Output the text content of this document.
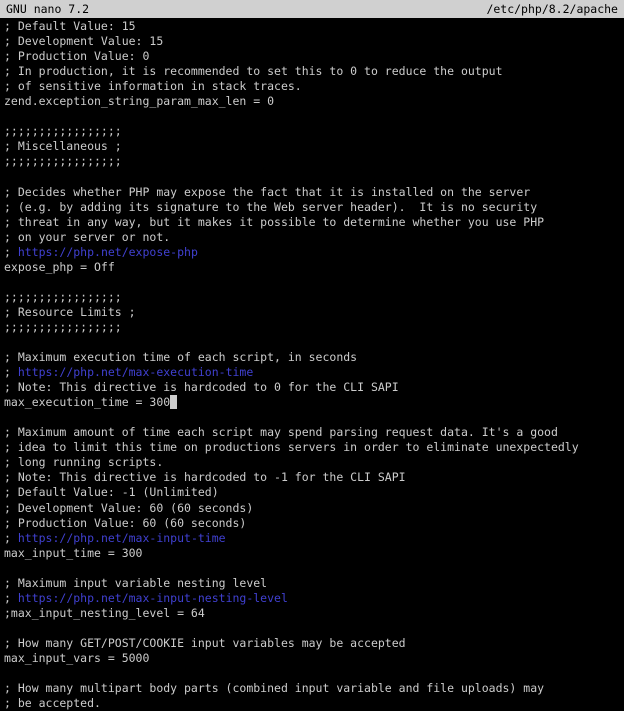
GNU nano 7.2	/etc/php/8.2/apache
; Default Value: 15
; Development Value: 15
; Production Value: 0
; In production, it is recommended to set this to 0 to reduce the output
; of sensitive information in stack traces.
zend.exception_string_param_max_len = 0

;;;;;;;;;;;;;;;;;
; Miscellaneous ;
;;;;;;;;;;;;;;;;;

; Decides whether PHP may expose the fact that it is installed on the server
; (e.g. by adding its signature to the Web server header).  It is no security
; threat in any way, but it makes it possible to determine whether you use PHP
; on your server or not.
; https://php.net/expose-php
expose_php = Off

;;;;;;;;;;;;;;;;;
; Resource Limits ;
;;;;;;;;;;;;;;;;;

; Maximum execution time of each script, in seconds
; https://php.net/max-execution-time
; Note: This directive is hardcoded to 0 for the CLI SAPI
max_execution_time = 300

; Maximum amount of time each script may spend parsing request data. It's a good
; idea to limit this time on productions servers in order to eliminate unexpectedly
; long running scripts.
; Note: This directive is hardcoded to -1 for the CLI SAPI
; Default Value: -1 (Unlimited)
; Development Value: 60 (60 seconds)
; Production Value: 60 (60 seconds)
; https://php.net/max-input-time
max_input_time = 300

; Maximum input variable nesting level
; https://php.net/max-input-nesting-level
;max_input_nesting_level = 64

; How many GET/POST/COOKIE input variables may be accepted
max_input_vars = 5000

; How many multipart body parts (combined input variable and file uploads) may
; be accepted.
